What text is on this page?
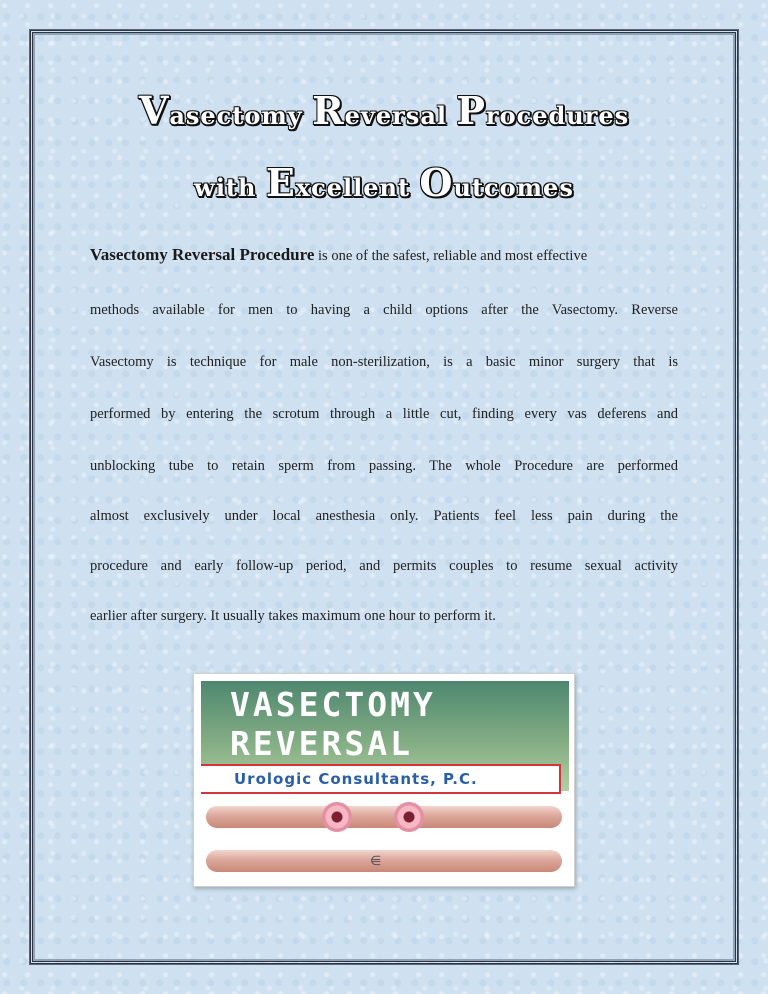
Vasectomy Reversal Procedures
with Excellent Outcomes
Vasectomy Reversal Procedure is one of the safest, reliable and most effective
methods available for men to having a child options after the Vasectomy. Reverse
Vasectomy is technique for male non-sterilization, is a basic minor surgery that is
performed by entering the scrotum through a little cut, finding every vas deferens and
unblocking tube to retain sperm from passing. The whole Procedure are performed
almost exclusively under local anesthesia only. Patients feel less pain during the
procedure and early follow-up period, and permits couples to resume sexual activity
earlier after surgery. It usually takes maximum one hour to perform it.
VASECTOMY
REVERSAL
Urologic Consultants, P.C.
⋹
